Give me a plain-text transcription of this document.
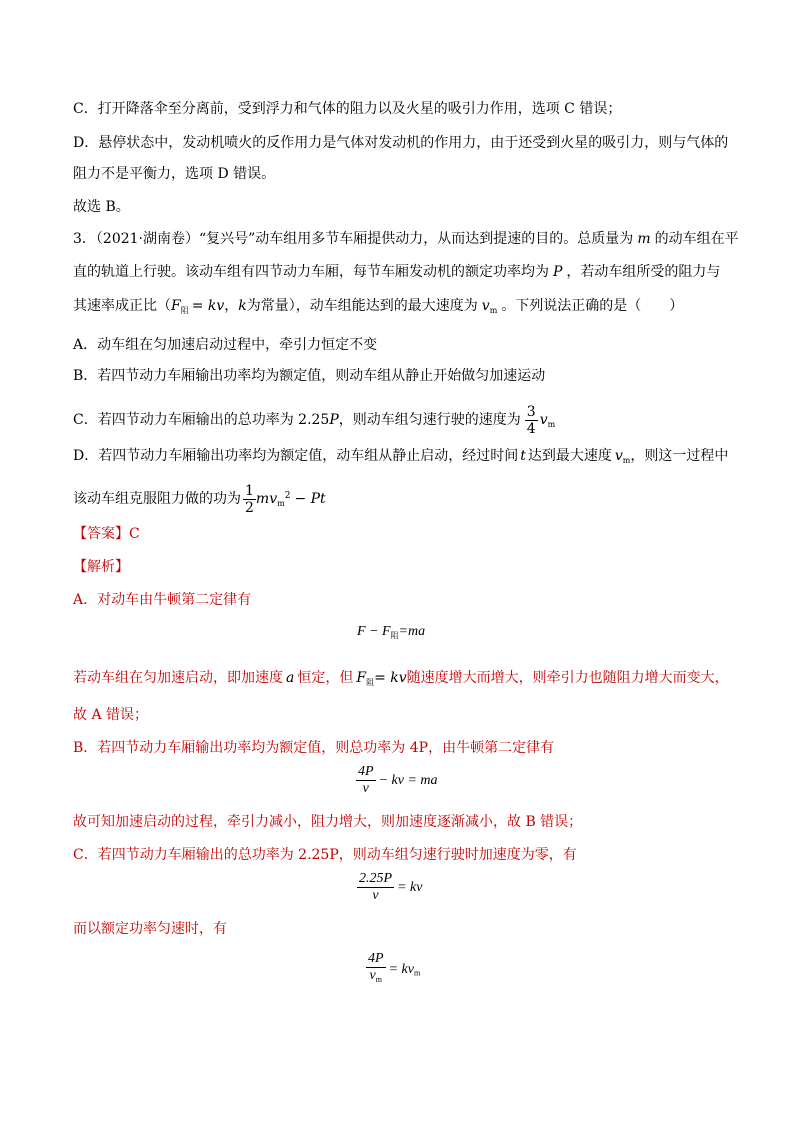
C．打开降落伞至分离前，受到浮力和气体的阻力以及火星的吸引力作用，选项 C 错误；
D．悬停状态中，发动机喷火的反作用力是气体对发动机的作用力，由于还受到火星的吸引力，则与气体的
阻力不是平衡力，选项 D 错误。
故选 B。
3．（2021·湖南卷）“复兴号”动车组用多节车厢提供动力，从而达到提速的目的。总质量为 m 的动车组在平
直的轨道上行驶。该动车组有四节动力车厢，每节车厢发动机的额定功率均为 P ，若动车组所受的阻力与
其速率成正比（$F_阻$ = kv，k为常量），动车组能达到的最大速度为 $v_m$ 。下列说法正确的是（　　）
A．动车组在匀加速启动过程中，牵引力恒定不变
B．若四节动力车厢输出功率均为额定值，则动车组从静止开始做匀加速运动
C．若四节动力车厢输出的总功率为 2.25P，则动车组匀速行驶的速度为 $\frac{3}{4} v_m$
D．若四节动力车厢输出功率均为额定值，动车组从静止启动，经过时间 t 达到最大速度 $v_m$，则这一过程中
该动车组克服阻力做的功为 $\frac{1}{2} mv_m^2 - Pt$
【答案】C
【解析】
A．对动车由牛顿第二定律有
$F - F_阻=ma$
若动车组在匀加速启动，即加速度 a 恒定，但 $F_阻=$ kv随速度增大而增大，则牵引力也随阻力增大而变大，
故 A 错误；
B．若四节动力车厢输出功率均为额定值，则总功率为 4P，由牛顿第二定律有
$\frac{4P}{v}$ − kv = ma
故可知加速启动的过程，牵引力减小，阻力增大，则加速度逐渐减小，故 B 错误；
C．若四节动力车厢输出的总功率为 2.25P，则动车组匀速行驶时加速度为零，有
$\frac{2.25P}{v}$ = kv
而以额定功率匀速时，有
$\frac{4P}{v_m} = kv_m$
